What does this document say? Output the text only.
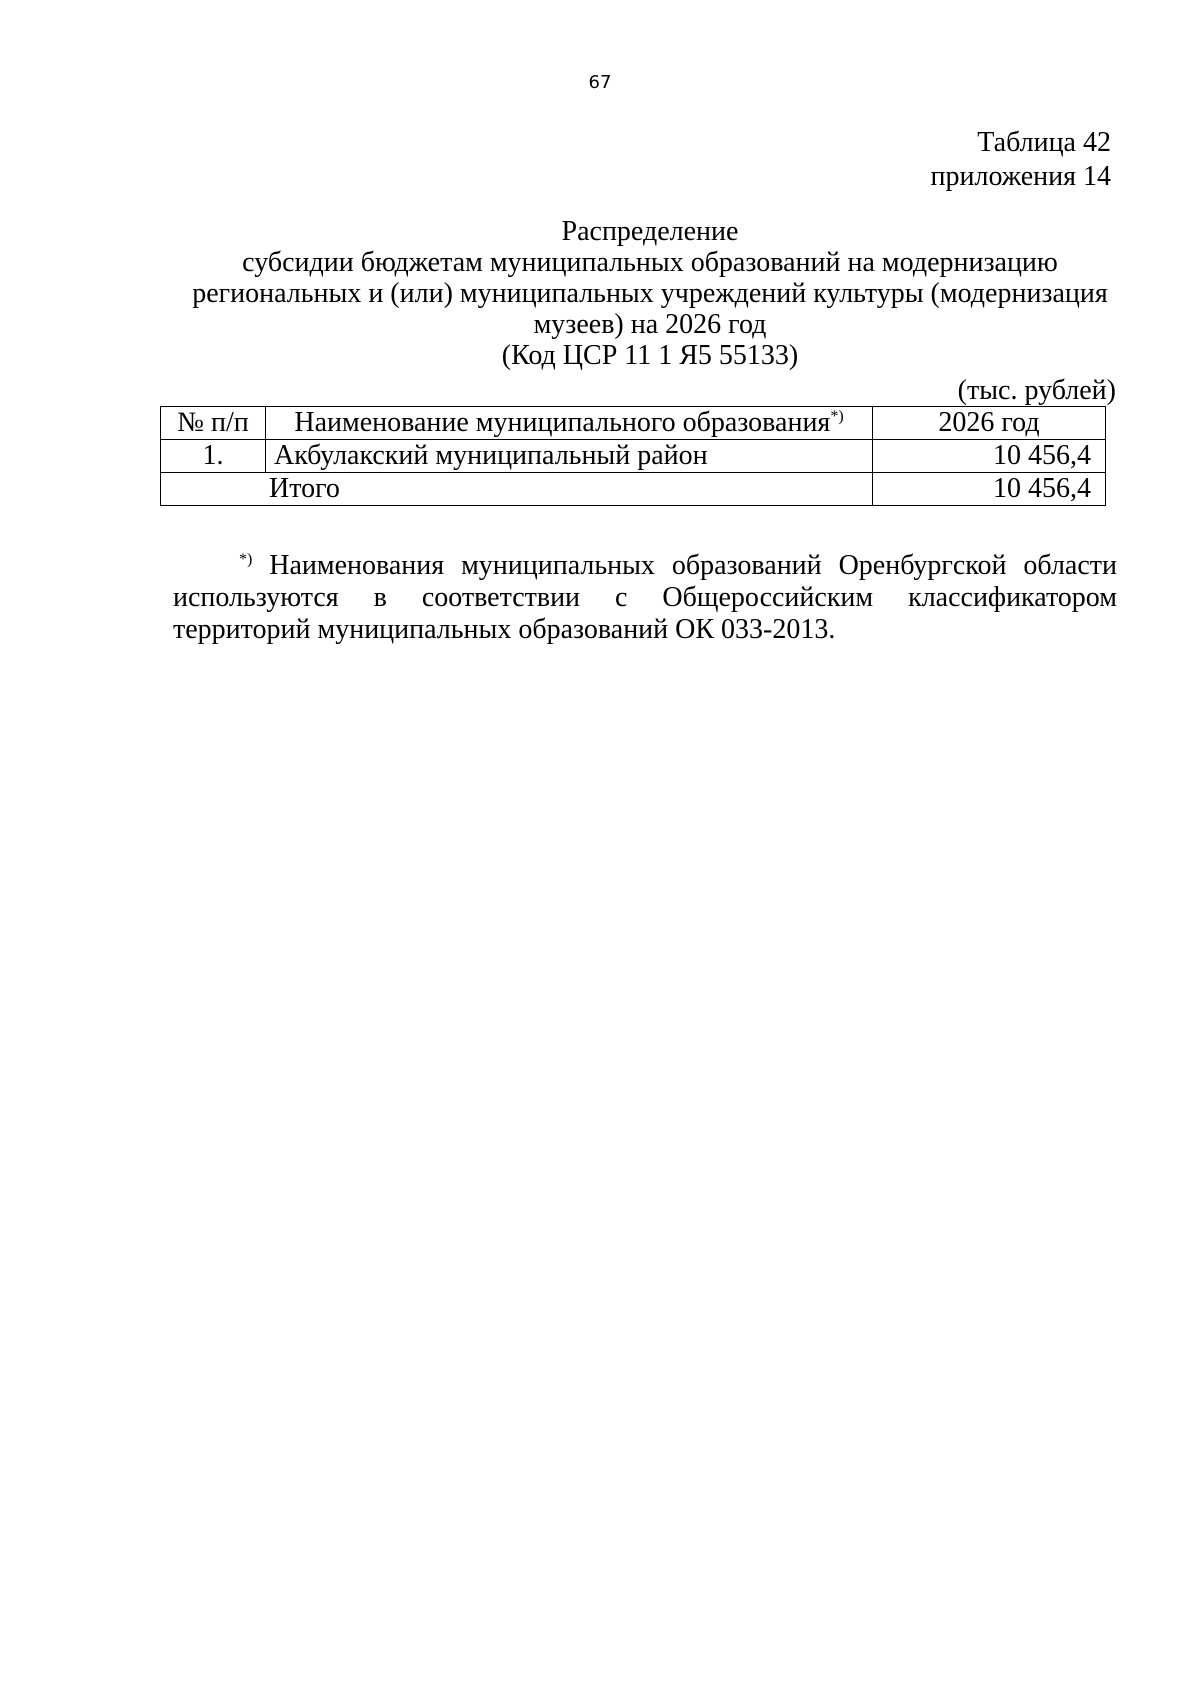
67
Таблица 42
приложения 14
Распределение
субсидии бюджетам муниципальных образований на модернизацию
региональных и (или) муниципальных учреждений культуры (модернизация
музеев) на 2026 год
(Код ЦСР 11 1 Я5 55133)
(тыс. рублей)
№ п/п	Наименование муниципального образования*)	2026 год
1.	Акбулакский муниципальный район	10 456,4
Итого		10 456,4
*) Наименования муниципальных образований Оренбургской области используются в соответствии с Общероссийским классификатором территорий муниципальных образований ОК 033-2013.
